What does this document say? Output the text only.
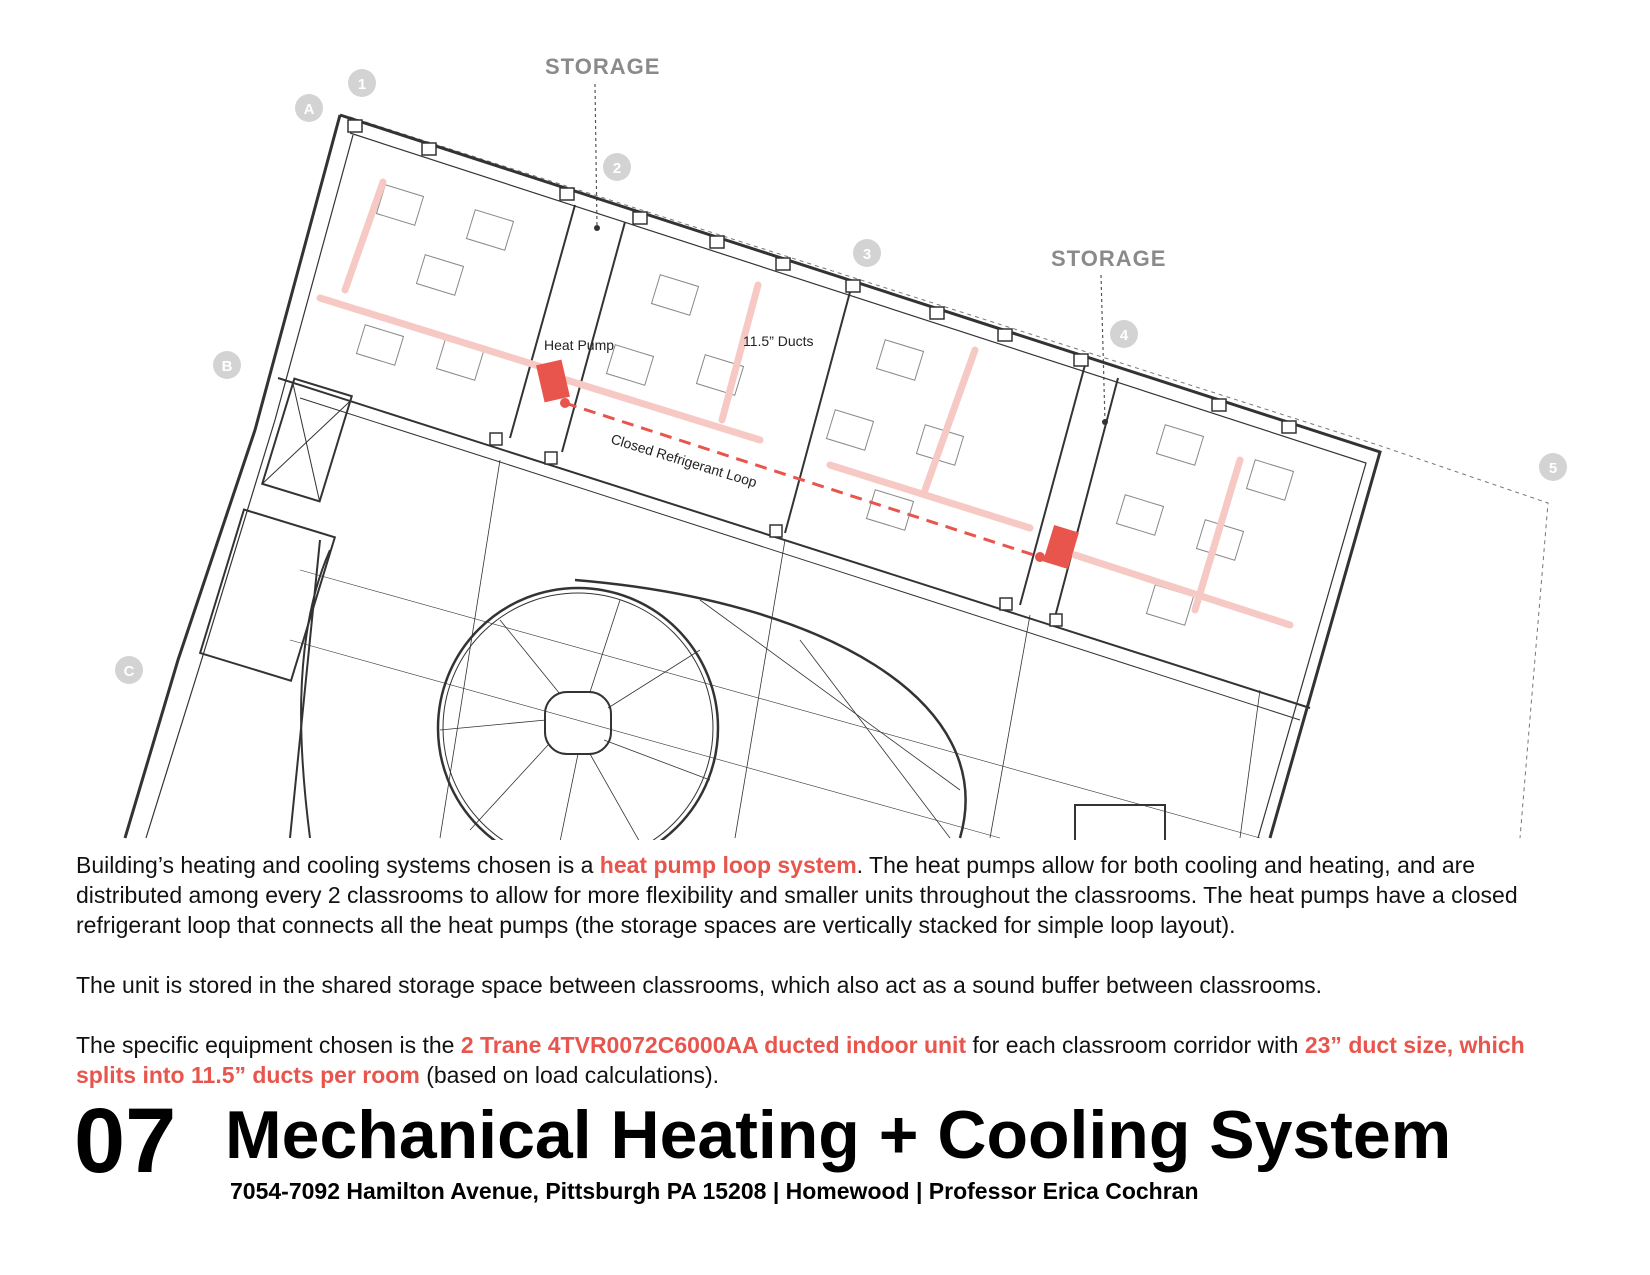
STORAGE
STORAGE
A
1
2
3
4
5
B
C
Heat Pump	11.5” Ducts
Closed Refrigerant Loop

Building’s heating and cooling systems chosen is a heat pump loop system. The heat pumps allow for both cooling and heating, and are distributed among every 2 classrooms to allow for more flexibility and smaller units throughout the classrooms. The heat pumps have a closed refrigerant loop that connects all the heat pumps (the storage spaces are vertically stacked for simple loop layout).

The unit is stored in the shared storage space between classrooms, which also act as a sound buffer between classrooms.

The specific equipment chosen is the 2 Trane 4TVR0072C6000AA ducted indoor unit for each classroom corridor with 23” duct size, which splits into 11.5” ducts per room (based on load calculations).

07 Mechanical Heating + Cooling System
7054-7092 Hamilton Avenue, Pittsburgh PA 15208 | Homewood | Professor Erica Cochran
